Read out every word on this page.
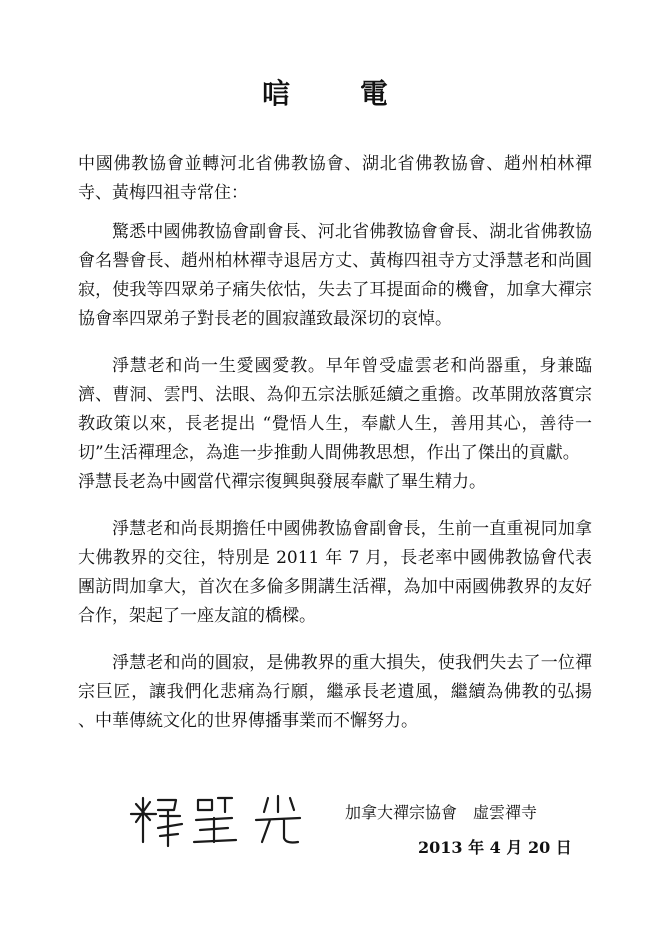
唁 電

中國佛教協會並轉河北省佛教協會、湖北省佛教協會、趙州柏林禪寺、黃梅四祖寺常住：

驚悉中國佛教協會副會長、河北省佛教協會會長、湖北省佛教協會名譽會長、趙州柏林禪寺退居方丈、黃梅四祖寺方丈淨慧老和尚圓寂，使我等四眾弟子痛失依怙，失去了耳提面命的機會，加拿大禪宗協會率四眾弟子對長老的圓寂謹致最深切的哀悼。

淨慧老和尚一生愛國愛教。早年曾受虛雲老和尚器重，身兼臨濟、曹洞、雲門、法眼、為仰五宗法脈延續之重擔。改革開放落實宗教政策以來，長老提出 “覺悟人生，奉獻人生，善用其心，善待一切”生活禪理念，為進一步推動人間佛教思想，作出了傑出的貢獻。

淨慧長老為中國當代禪宗復興與發展奉獻了畢生精力。

淨慧老和尚長期擔任中國佛教協會副會長，生前一直重視同加拿大佛教界的交往，特別是 2011 年 7 月，長老率中國佛教協會代表團訪問加拿大，首次在多倫多開講生活禪，為加中兩國佛教界的友好合作，架起了一座友誼的橋樑。

淨慧老和尚的圓寂，是佛教界的重大損失，使我們失去了一位禪宗巨匠，讓我們化悲痛為行願，繼承長老遺風，繼續為佛教的弘揚 、中華傳統文化的世界傳播事業而不懈努力。

加拿大禪宗協會 虛雲禪寺
2013 年 4 月 20 日
